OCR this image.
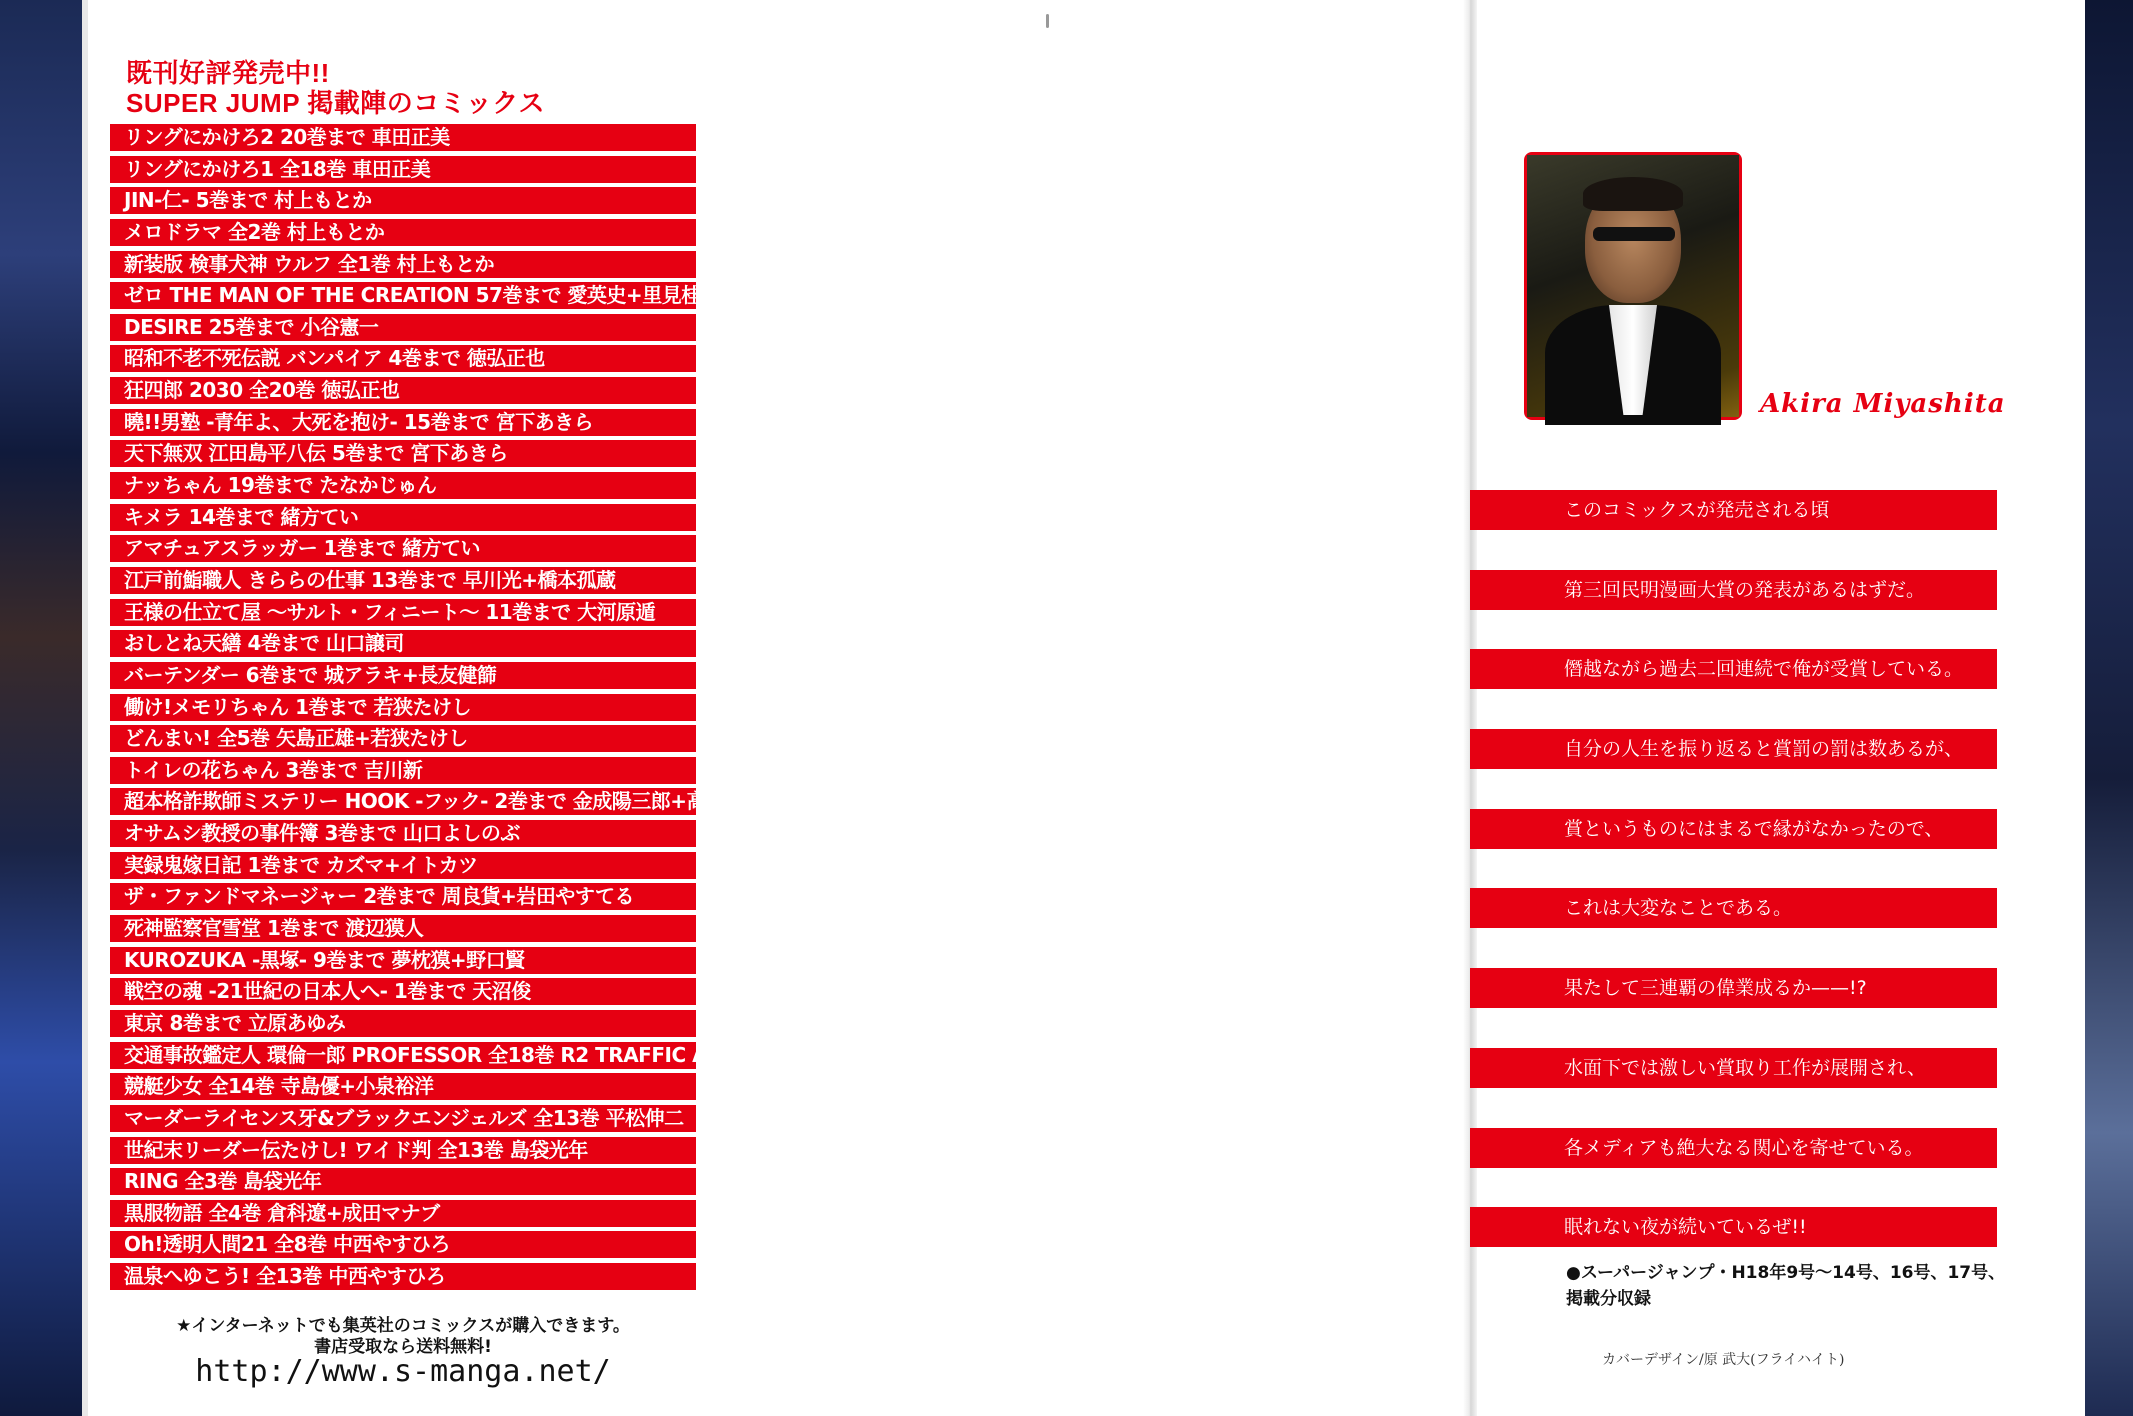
既刊好評発売中!!
SUPER JUMP 掲載陣のコミックス
リングにかけろ2 20巻まで 車田正美
リングにかけろ1 全18巻 車田正美
JIN-仁- 5巻まで 村上もとか
メロドラマ 全2巻 村上もとか
新装版 検事犬神 ウルフ 全1巻 村上もとか
ゼロ THE MAN OF THE CREATION 57巻まで 愛英史+里見桂
DESIRE 25巻まで 小谷憲一
昭和不老不死伝説 バンパイア 4巻まで 徳弘正也
狂四郎 2030 全20巻 徳弘正也
曉!!男塾 -青年よ、大死を抱け- 15巻まで 宮下あきら
天下無双 江田島平八伝 5巻まで 宮下あきら
ナッちゃん 19巻まで たなかじゅん
キメラ 14巻まで 緒方てい
アマチュアスラッガー 1巻まで 緒方てい
江戸前鮨職人 きららの仕事 13巻まで 早川光+橋本孤蔵
王様の仕立て屋 〜サルト・フィニート〜 11巻まで 大河原遁
おしとね天繕 4巻まで 山口譲司
バーテンダー 6巻まで 城アラキ+長友健篩
働け!メモリちゃん 1巻まで 若狭たけし
どんまい! 全5巻 矢島正雄+若狭たけし
トイレの花ちゃん 3巻まで 吉川新
超本格詐欺師ミステリー HOOK -フック- 2巻まで 金成陽三郎+高橋ゆたか
オサムシ教授の事件簿 3巻まで 山口よしのぶ
実録鬼嫁日記 1巻まで カズマ+イトカツ
ザ・ファンドマネージャー 2巻まで 周良貨+岩田やすてる
死神監察官雪堂 1巻まで 渡辺獏人
KUROZUKA -黒塚- 9巻まで 夢枕獏+野口賢
戦空の魂 -21世紀の日本人へ- 1巻まで 天沼俊
東京 8巻まで 立原あゆみ
交通事故鑑定人 環倫一郎 PROFESSOR 全18巻 R2 TRAFFIC ACCIDENTS FILE 全2巻 梶研吾+樹崎聖
競艇少女 全14巻 寺島優+小泉裕洋
マーダーライセンス牙&ブラックエンジェルズ 全13巻 平松伸二
世紀末リーダー伝たけし! ワイド判 全13巻 島袋光年
RING 全3巻 島袋光年
黒服物語 全4巻 倉科遼+成田マナブ
Oh!透明人間21 全8巻 中西やすひろ
温泉へゆこう! 全13巻 中西やすひろ
★インターネットでも集英社のコミックスが購入できます。
書店受取なら送料無料!
http://www.s-manga.net/
Akira Miyashita
このコミックスが発売される頃
第三回民明漫画大賞の発表があるはずだ。
僭越ながら過去二回連続で俺が受賞している。
自分の人生を振り返ると賞罰の罰は数あるが、
賞というものにはまるで縁がなかったので、
これは大変なことである。
果たして三連覇の偉業成るか——!?
水面下では激しい賞取り工作が展開され、
各メディアも絶大なる関心を寄せている。
眠れない夜が続いているぜ!!
●スーパージャンプ・H18年9号〜14号、16号、17号、
掲載分収録
カバーデザイン/原 武大(フライハイト)
